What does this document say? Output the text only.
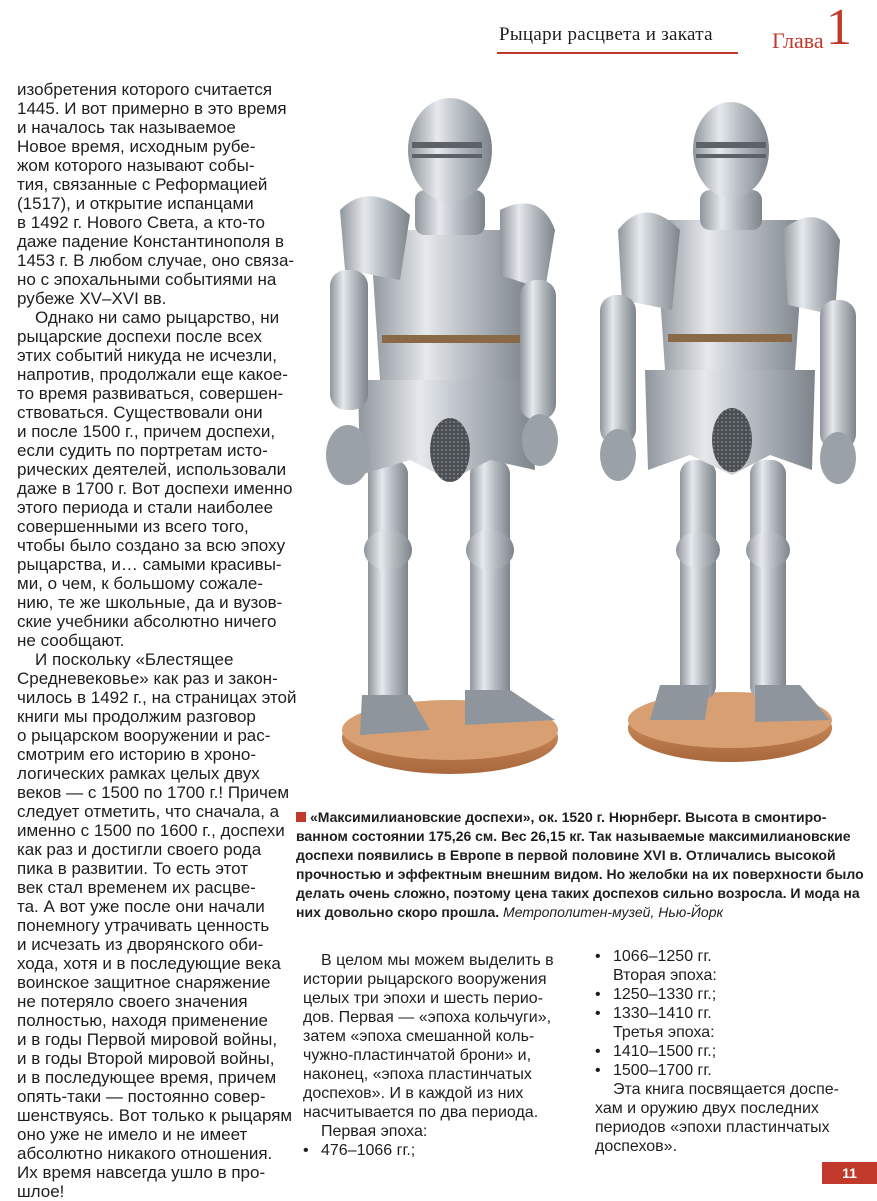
Рыцари расцвета и заката	Глава 1
изобретения которого считается
1445. И вот примерно в это время
и началось так называемое
Новое время, исходным рубе-
жом которого называют собы-
тия, связанные с Реформацией
(1517), и открытие испанцами
в 1492 г. Нового Света, а кто-то
даже падение Константинополя в
1453 г. В любом случае, оно связа-
но с эпохальными событиями на
рубеже XV–XVI вв.
Однако ни само рыцарство, ни
рыцарские доспехи после всех
этих событий никуда не исчезли,
напротив, продолжали еще какое-
то время развиваться, совершен-
ствоваться. Существовали они
и после 1500 г., причем доспехи,
если судить по портретам исто-
рических деятелей, использовали
даже в 1700 г. Вот доспехи именно
этого периода и стали наиболее
совершенными из всего того,
чтобы было создано за всю эпоху
рыцарства, и… самыми красивы-
ми, о чем, к большому сожале-
нию, те же школьные, да и вузов-
ские учебники абсолютно ничего
не сообщают.
И поскольку «Блестящее
Средневековье» как раз и закон-
чилось в 1492 г., на страницах этой
книги мы продолжим разговор
о рыцарском вооружении и рас-
смотрим его историю в хроно-
логических рамках целых двух
веков — с 1500 по 1700 г.! Причем
следует отметить, что сначала, а
именно с 1500 по 1600 г., доспехи
как раз и достигли своего рода
пика в развитии. То есть этот
век стал временем их расцве-
та. А вот уже после они начали
понемногу утрачивать ценность
и исчезать из дворянского оби-
хода, хотя и в последующие века
воинское защитное снаряжение
не потеряло своего значения
полностью, находя применение
и в годы Первой мировой войны,
и в годы Второй мировой войны,
и в последующее время, причем
опять-таки — постоянно совер-
шенствуясь. Вот только к рыцарям
оно уже не имело и не имеет
абсолютно никакого отношения.
Их время навсегда ушло в про-
шлое!
«Максимилиановские доспехи», ок. 1520 г. Нюрнберг. Высота в смонтиро-
ванном состоянии 175,26 см. Вес 26,15 кг. Так называемые максимилиановские
доспехи появились в Европе в первой половине XVI в. Отличались высокой
прочностью и эффектным внешним видом. Но желобки на их поверхности было
делать очень сложно, поэтому цена таких доспехов сильно возросла. И мода на
них довольно скоро прошла. Метрополитен-музей, Нью-Йорк
В целом мы можем выделить в
истории рыцарского вооружения
целых три эпохи и шесть перио-
дов. Первая — «эпоха кольчуги»,
затем «эпоха смешанной коль-
чужно-пластинчатой брони» и,
наконец, «эпоха пластинчатых
доспехов». И в каждой из них
насчитывается по два периода.
Первая эпоха:
• 476–1066 гг.;
• 1066–1250 гг.
Вторая эпоха:
• 1250–1330 гг.;
• 1330–1410 гг.
Третья эпоха:
• 1410–1500 гг.;
• 1500–1700 гг.
Эта книга посвящается доспе-
хам и оружию двух последних
периодов «эпохи пластинчатых
доспехов».
11
